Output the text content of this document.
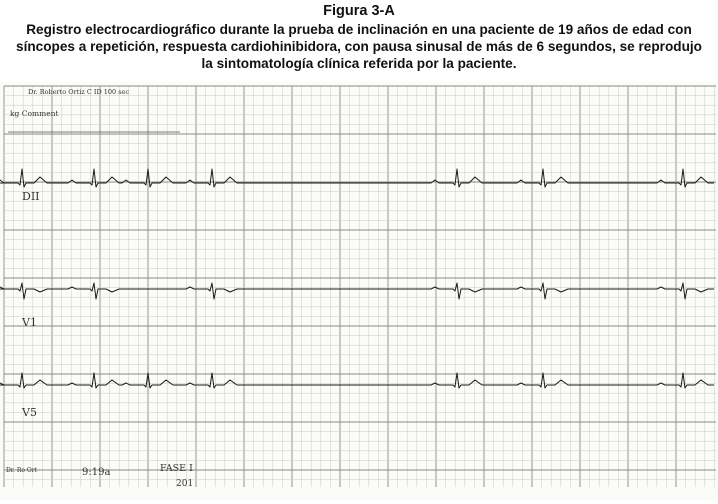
Figura 3-A
Registro electrocardiográfico durante la prueba de inclinación en una paciente de 19 años de edad con
síncopes a repetición, respuesta cardiohinibidora, con pausa sinusal de más de 6 segundos, se reprodujo
la sintomatología clínica referida por la paciente.
Dr. Roberto Ortiz C ID 100 sec
kg Comment
DII
V1
V5
Dr. Ro Ort	9:19a	FASE I
201
